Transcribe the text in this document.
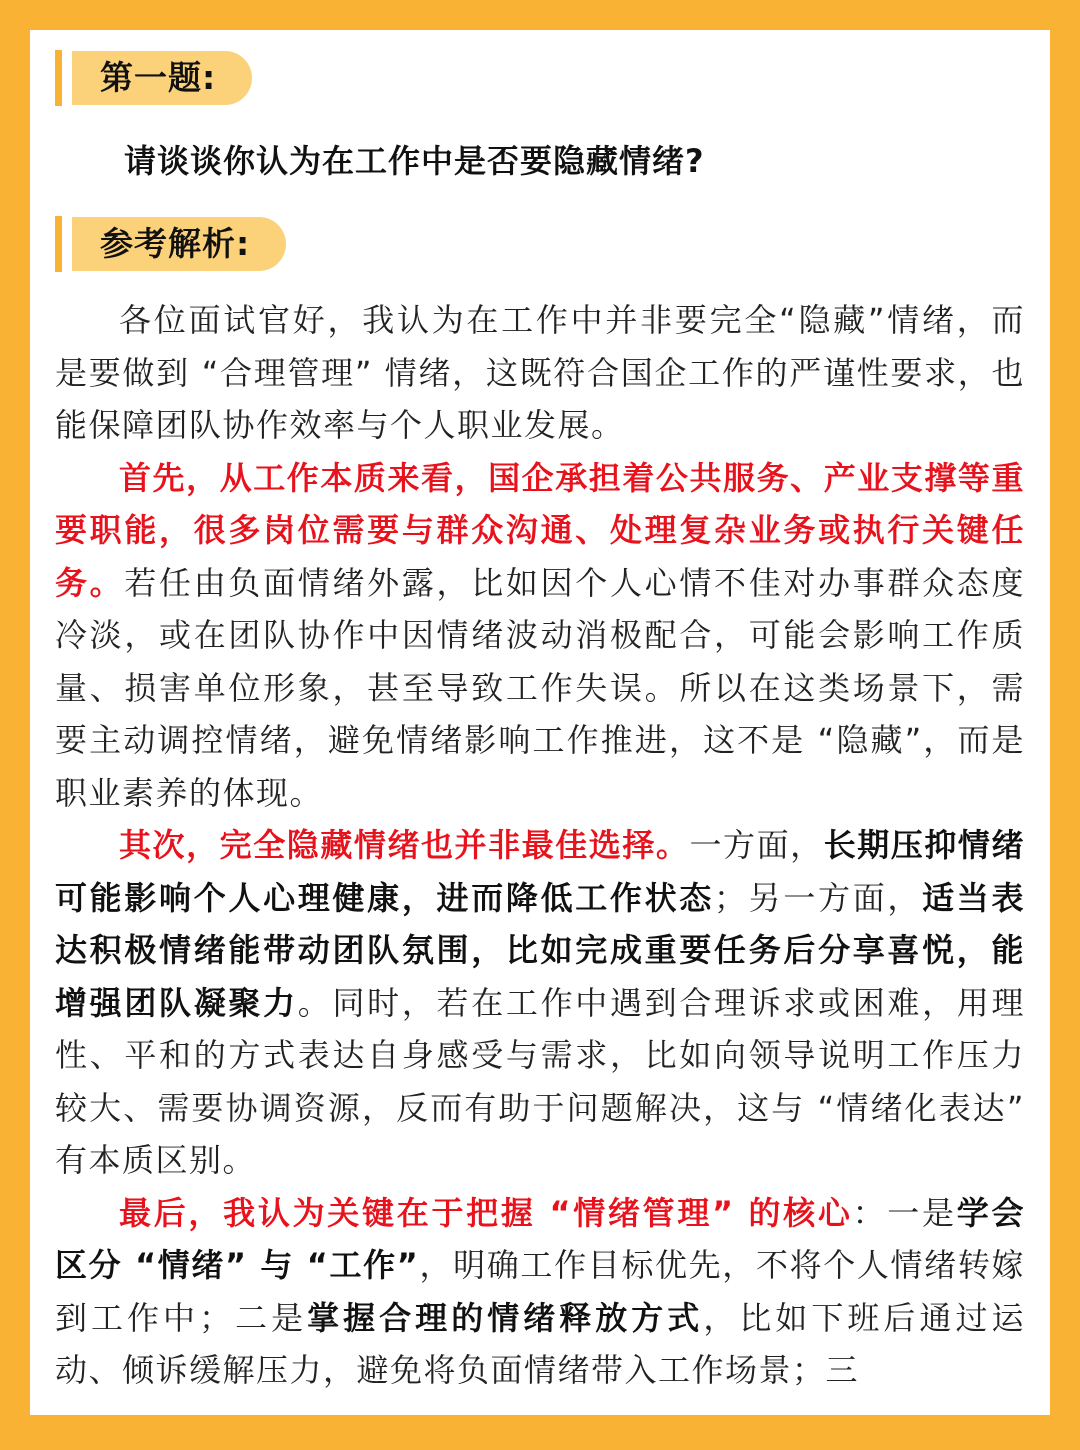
第一题:
请谈谈你认为在工作中是否要隐藏情绪?
参考解析:

各位面试官好，我认为在工作中并非要完全“隐藏”情绪，而是要做到 “合理管理” 情绪，这既符合国企工作的严谨性要求，也能保障团队协作效率与个人职业发展。

首先，从工作本质来看，国企承担着公共服务、产业支撑等重要职能，很多岗位需要与群众沟通、处理复杂业务或执行关键任务。若任由负面情绪外露，比如因个人心情不佳对办事群众态度冷淡，或在团队协作中因情绪波动消极配合，可能会影响工作质量、损害单位形象，甚至导致工作失误。所以在这类场景下，需要主动调控情绪，避免情绪影响工作推进，这不是 “隐藏”，而是职业素养的体现。

其次，完全隐藏情绪也并非最佳选择。一方面，长期压抑情绪可能影响个人心理健康，进而降低工作状态；另一方面，适当表达积极情绪能带动团队氛围，比如完成重要任务后分享喜悦，能增强团队凝聚力。同时，若在工作中遇到合理诉求或困难，用理性、平和的方式表达自身感受与需求，比如向领导说明工作压力较大、需要协调资源，反而有助于问题解决，这与 “情绪化表达” 有本质区别。

最后，我认为关键在于把握 “情绪管理” 的核心：一是学会区分 “情绪” 与 “工作”，明确工作目标优先，不将个人情绪转嫁到工作中；二是掌握合理的情绪释放方式，比如下班后通过运动、倾诉缓解压力，避免将负面情绪带入工作场景；三
